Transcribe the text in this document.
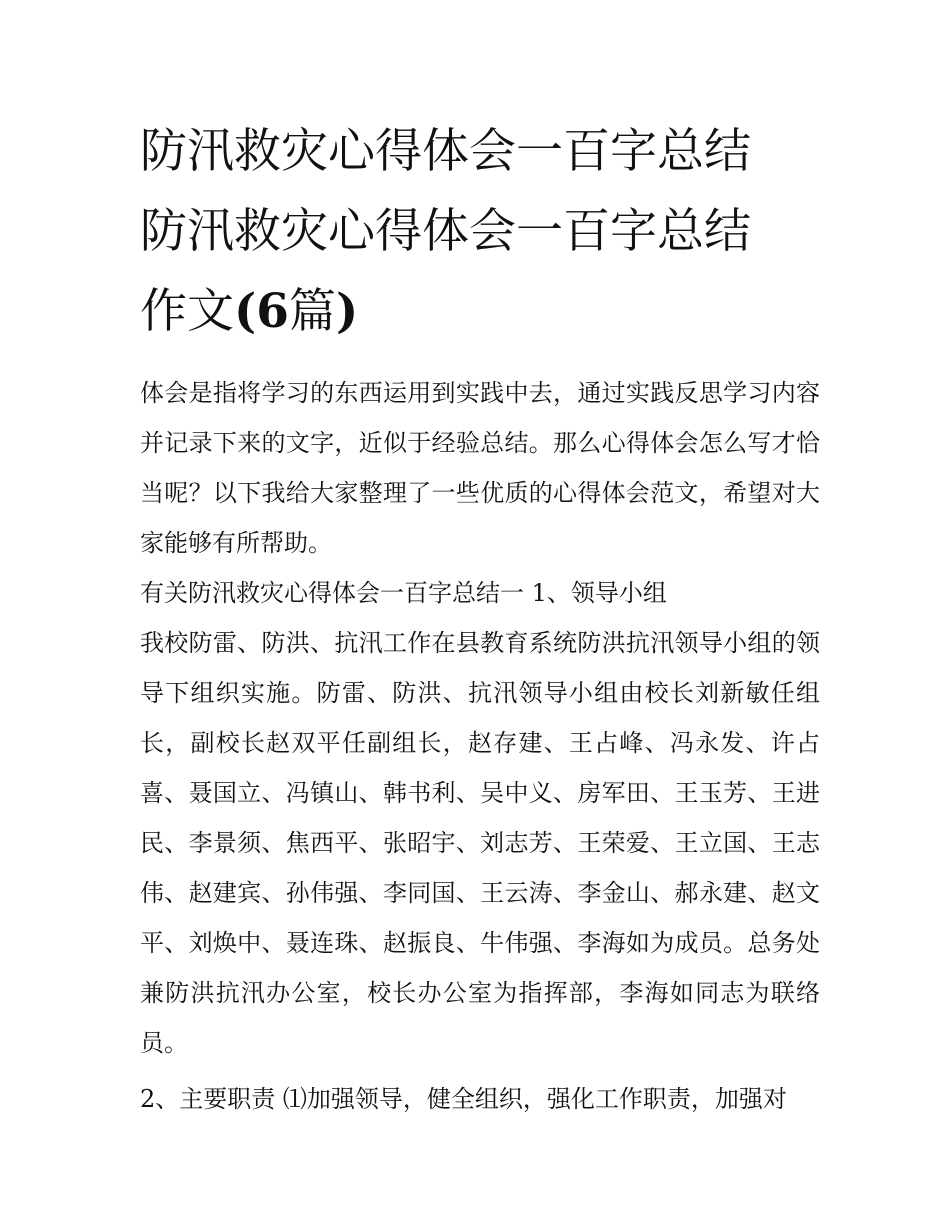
防汛救灾心得体会一百字总结
防汛救灾心得体会一百字总结
作文(6篇)

体会是指将学习的东西运用到实践中去，通过实践反思学习内容并记录下来的文字，近似于经验总结。那么心得体会怎么写才恰当呢？以下我给大家整理了一些优质的心得体会范文，希望对大家能够有所帮助。

有关防汛救灾心得体会一百字总结一 1、领导小组

我校防雷、防洪、抗汛工作在县教育系统防洪抗汛领导小组的领导下组织实施。防雷、防洪、抗汛领导小组由校长刘新敏任组长，副校长赵双平任副组长，赵存建、王占峰、冯永发、许占喜、聂国立、冯镇山、韩书利、吴中义、房军田、王玉芳、王进民、李景须、焦西平、张昭宇、刘志芳、王荣爱、王立国、王志伟、赵建宾、孙伟强、李同国、王云涛、李金山、郝永建、赵文平、刘焕中、聂连珠、赵振良、牛伟强、李海如为成员。总务处兼防洪抗汛办公室，校长办公室为指挥部，李海如同志为联络员。

2、主要职责 ⑴加强领导，健全组织，强化工作职责，加强对
